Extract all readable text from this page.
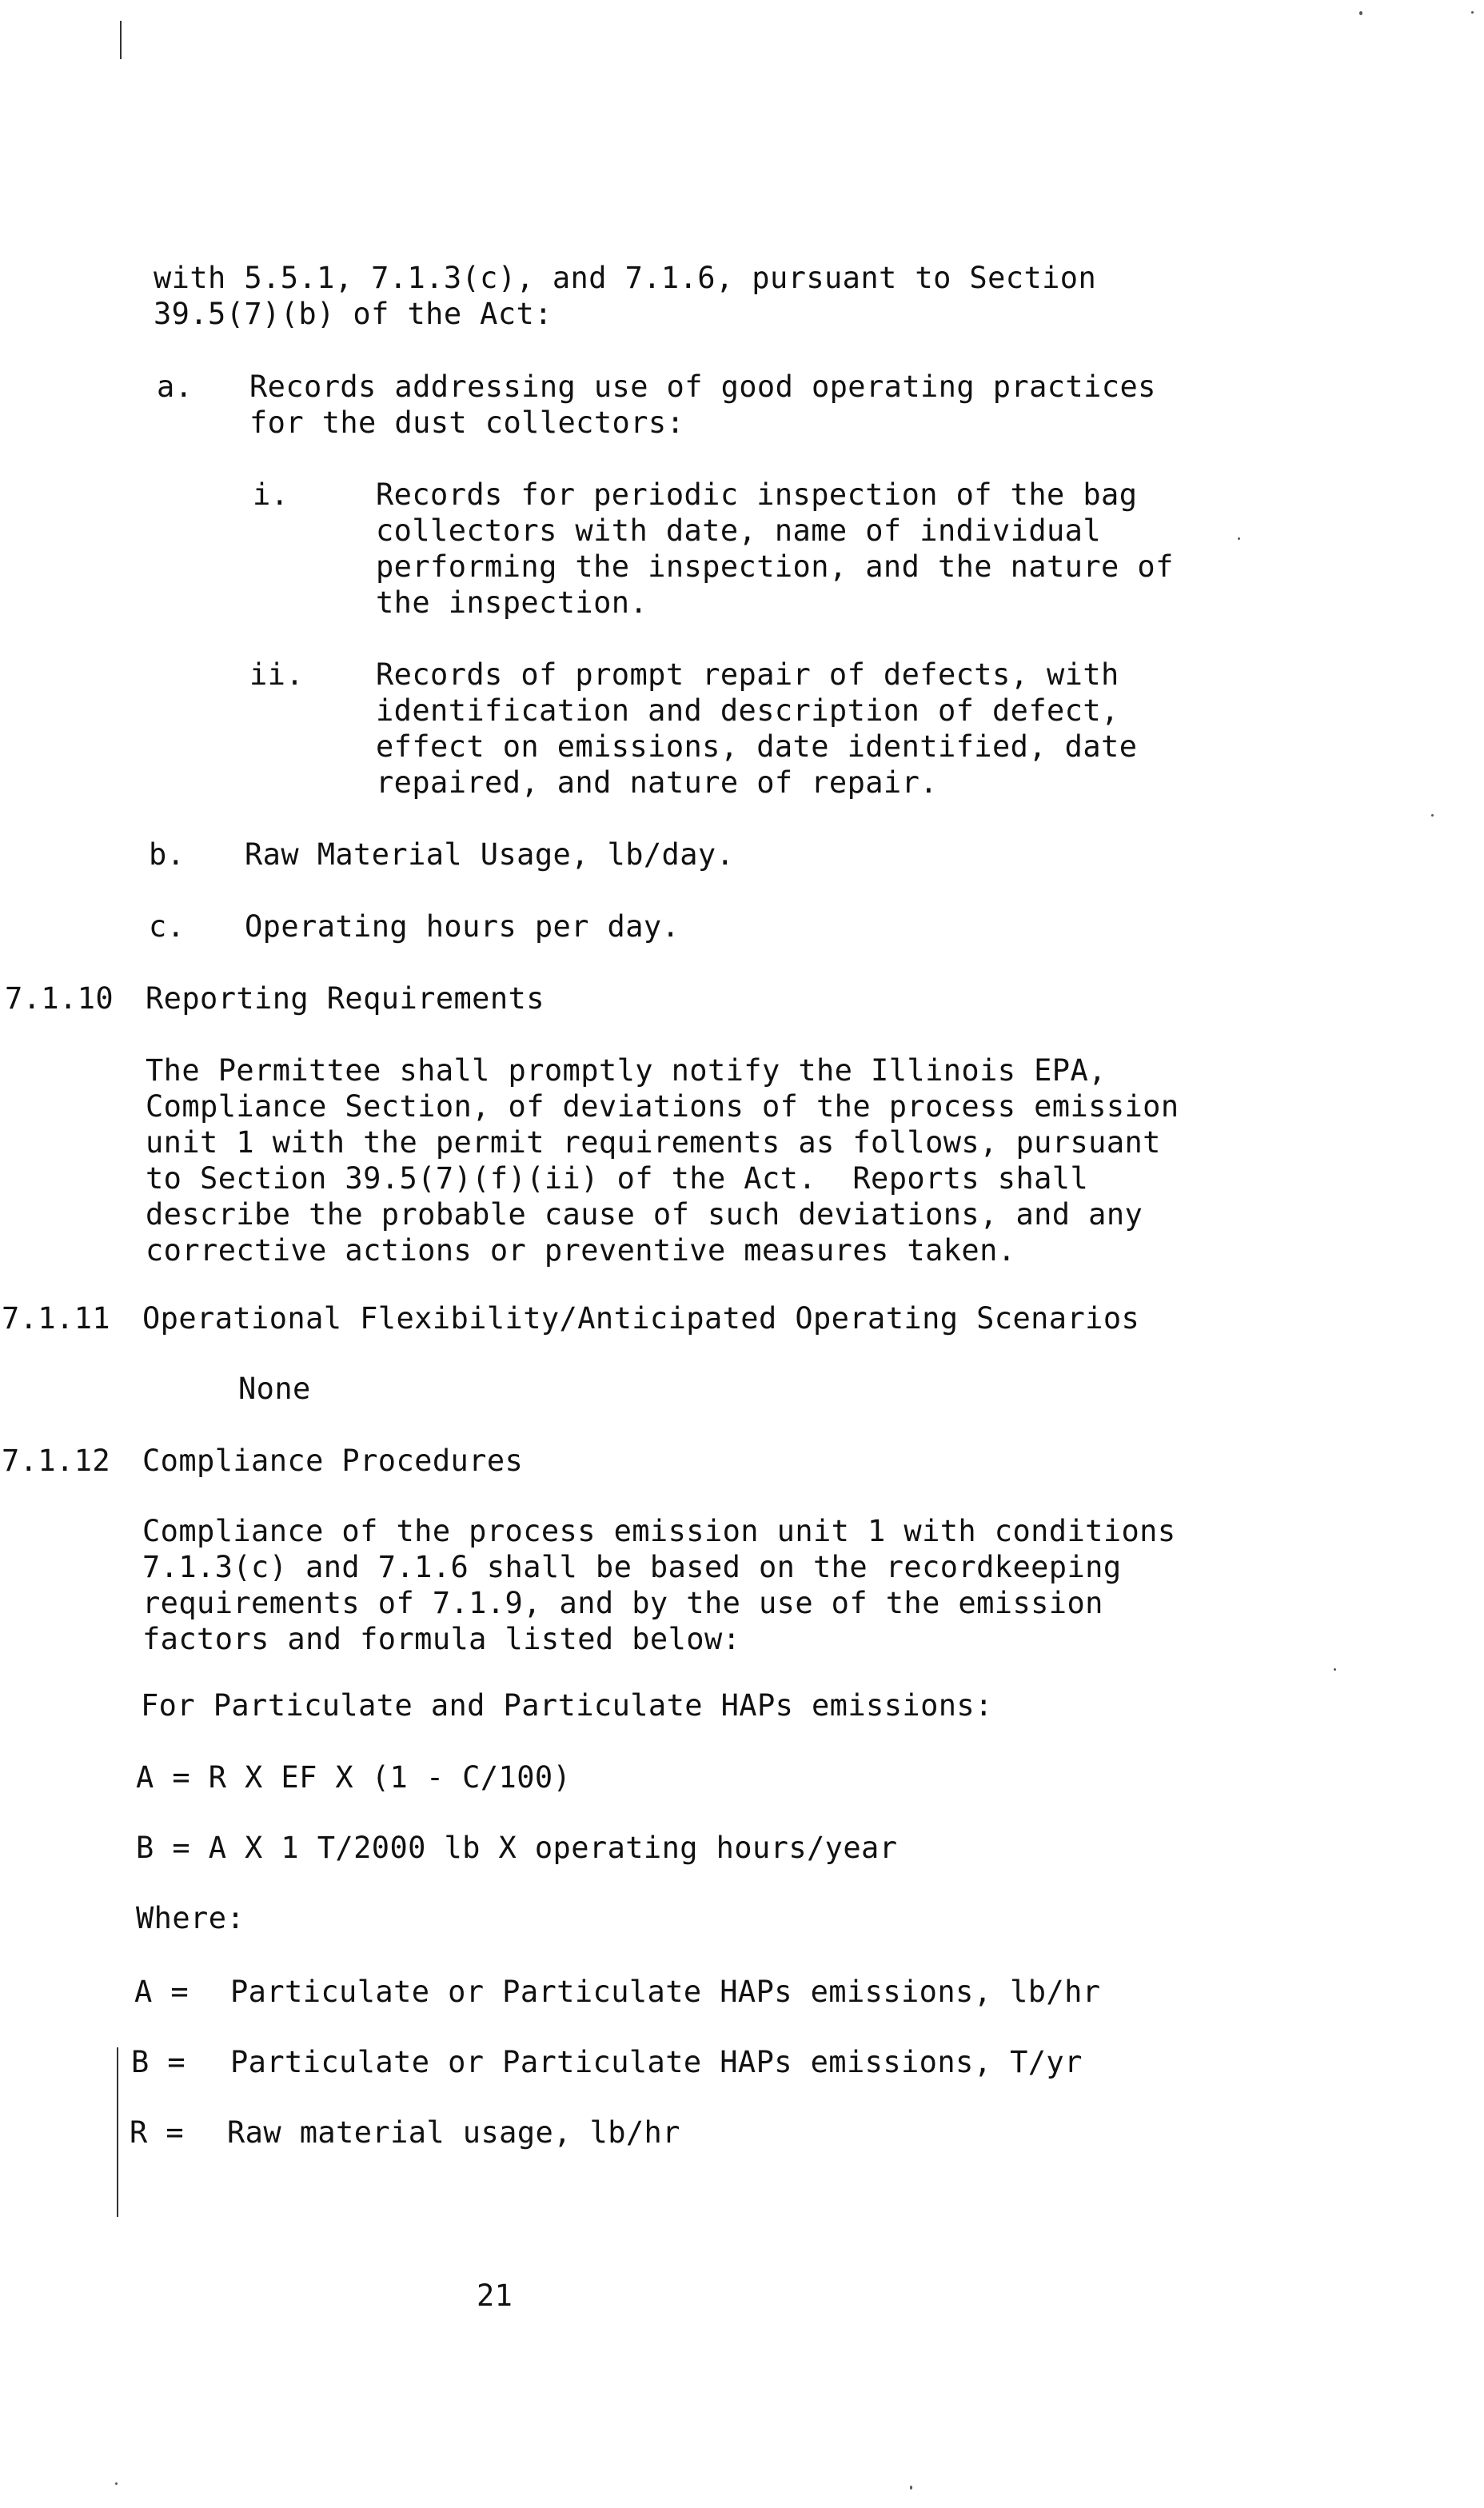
with 5.5.1, 7.1.3(c), and 7.1.6, pursuant to Section
39.5(7)(b) of the Act:
a. Records addressing use of good operating practices
for the dust collectors:
i.	Records for periodic inspection of the bag
collectors with date, name of individual
performing the inspection, and the nature of
the inspection.
ii. Records of prompt repair of defects, with
identification and description of defect,
effect on emissions, date identified, date
repaired, and nature of repair.
b. Raw Material Usage, lb/day.
c. Operating hours per day.
7.1.10 Reporting Requirements
The Permittee shall promptly notify the Illinois EPA,
Compliance Section, of deviations of the process emission
unit 1 with the permit requirements as follows, pursuant
to Section 39.5(7)(f)(ii) of the Act.  Reports shall
describe the probable cause of such deviations, and any
corrective actions or preventive measures taken.
7.1.11 Operational Flexibility/Anticipated Operating Scenarios
None
7.1.12 Compliance Procedures
Compliance of the process emission unit 1 with conditions
7.1.3(c) and 7.1.6 shall be based on the recordkeeping
requirements of 7.1.9, and by the use of the emission
factors and formula listed below:
For Particulate and Particulate HAPs emissions:
A = R X EF X (1 - C/100)
B = A X 1 T/2000 lb X operating hours/year
Where:
A = Particulate or Particulate HAPs emissions, lb/hr
B = Particulate or Particulate HAPs emissions, T/yr
R = Raw material usage, lb/hr
21
